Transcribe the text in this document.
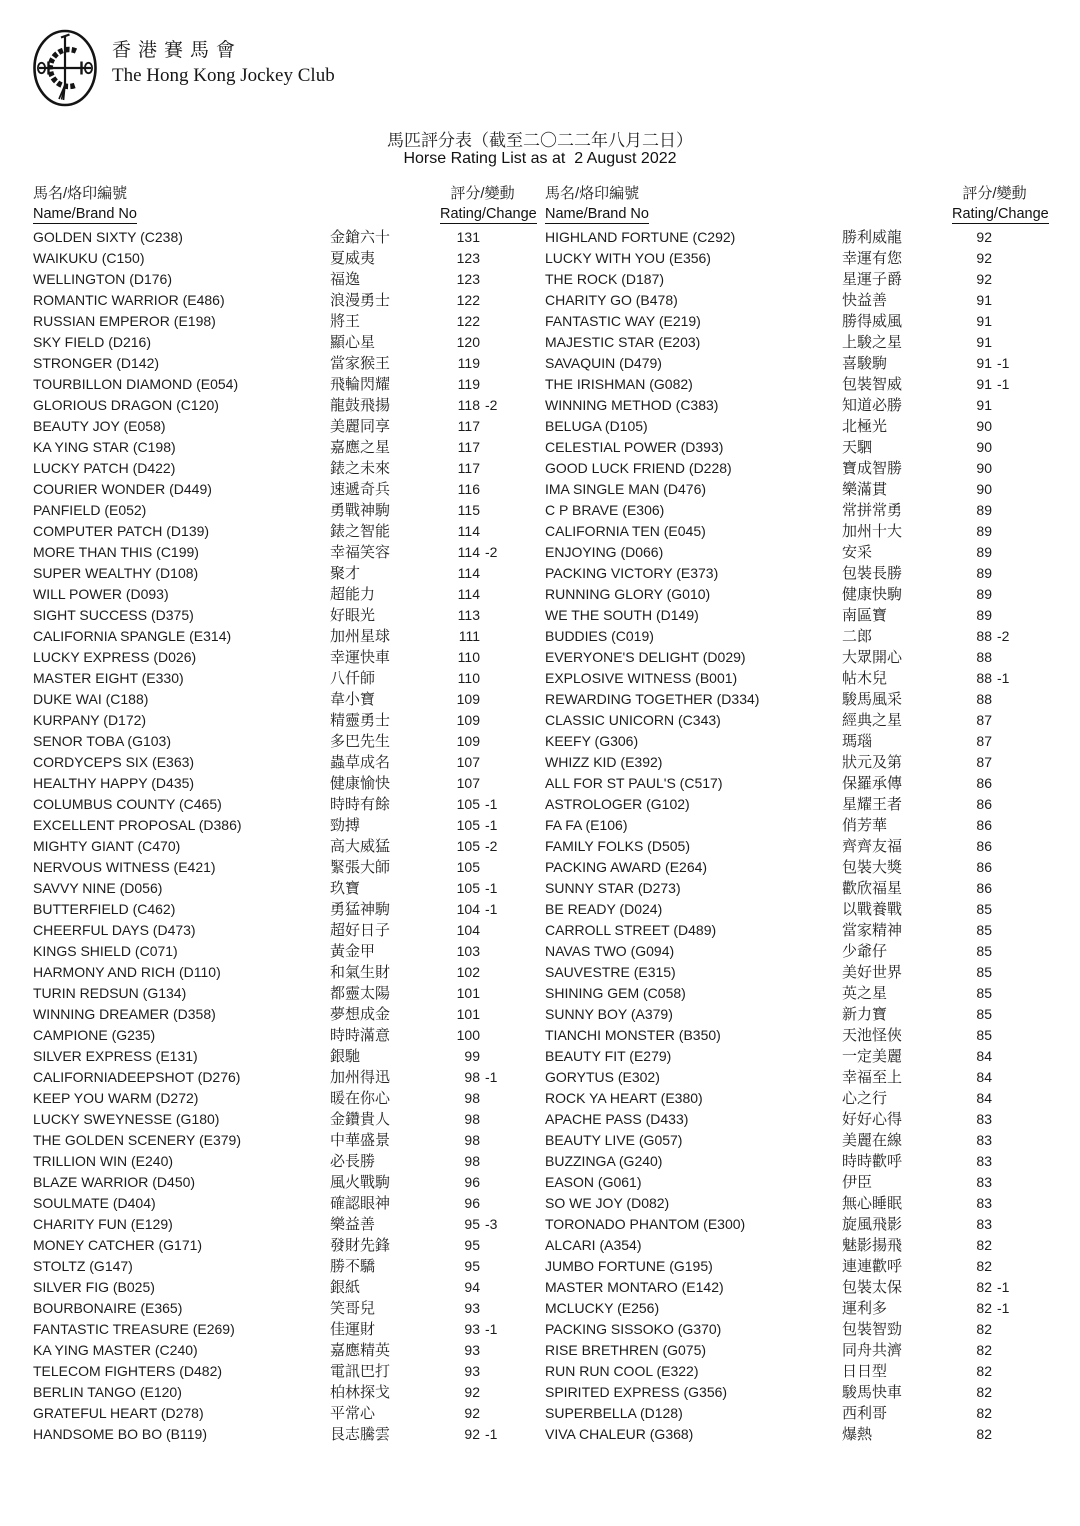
香港賽馬會
The Hong Kong Jockey Club
馬匹評分表（截至二〇二二年八月二日）
Horse Rating List as at  2 August 2022
馬名/烙印編號
Name/Brand No
評分/變動
Rating/Change
馬名/烙印編號
Name/Brand No
評分/變動
Rating/Change
GOLDEN SIXTY (C238)	金鎗六十	131
WAIKUKU (C150)	夏威夷	123
WELLINGTON (D176)	福逸	123
ROMANTIC WARRIOR (E486)	浪漫勇士	122
RUSSIAN EMPEROR (E198)	將王	122
SKY FIELD (D216)	顯心星	120
STRONGER (D142)	當家猴王	119
TOURBILLON DIAMOND (E054)	飛輪閃耀	119
GLORIOUS DRAGON (C120)	龍鼓飛揚	118 -2
BEAUTY JOY (E058)	美麗同享	117
KA YING STAR (C198)	嘉應之星	117
LUCKY PATCH (D422)	錶之未來	117
COURIER WONDER (D449)	速遞奇兵	116
PANFIELD (E052)	勇戰神駒	115
COMPUTER PATCH (D139)	錶之智能	114
MORE THAN THIS (C199)	幸福笑容	114 -2
SUPER WEALTHY (D108)	聚才	114
WILL POWER (D093)	超能力	114
SIGHT SUCCESS (D375)	好眼光	113
CALIFORNIA SPANGLE (E314)	加州星球	111
LUCKY EXPRESS (D026)	幸運快車	110
MASTER EIGHT (E330)	八仟師	110
DUKE WAI (C188)	韋小寶	109
KURPANY (D172)	精靈勇士	109
SENOR TOBA (G103)	多巴先生	109
CORDYCEPS SIX (E363)	蟲草成名	107
HEALTHY HAPPY (D435)	健康愉快	107
COLUMBUS COUNTY (C465)	時時有餘	105 -1
EXCELLENT PROPOSAL (D386)	勁搏	105 -1
MIGHTY GIANT (C470)	高大威猛	105 -2
NERVOUS WITNESS (E421)	緊張大師	105
SAVVY NINE (D056)	玖寶	105 -1
BUTTERFIELD (C462)	勇猛神駒	104 -1
CHEERFUL DAYS (D473)	超好日子	104
KINGS SHIELD (C071)	黃金甲	103
HARMONY AND RICH (D110)	和氣生財	102
TURIN REDSUN (G134)	都靈太陽	101
WINNING DREAMER (D358)	夢想成金	101
CAMPIONE (G235)	時時滿意	100
SILVER EXPRESS (E131)	銀馳	99
CALIFORNIADEEPSHOT (D276)	加州得迅	98 -1
KEEP YOU WARM (D272)	暖在你心	98
LUCKY SWEYNESSE (G180)	金鑽貴人	98
THE GOLDEN SCENERY (E379)	中華盛景	98
TRILLION WIN (E240)	必長勝	98
BLAZE WARRIOR (D450)	風火戰駒	96
SOULMATE (D404)	確認眼神	96
CHARITY FUN (E129)	樂益善	95 -3
MONEY CATCHER (G171)	發財先鋒	95
STOLTZ (G147)	勝不驕	95
SILVER FIG (B025)	銀紙	94
BOURBONAIRE (E365)	笑哥兒	93
FANTASTIC TREASURE (E269)	佳運財	93 -1
KA YING MASTER (C240)	嘉應精英	93
TELECOM FIGHTERS (D482)	電訊巴打	93
BERLIN TANGO (E120)	柏林探戈	92
GRATEFUL HEART (D278)	平常心	92
HANDSOME BO BO (B119)	艮志騰雲	92 -1
HIGHLAND FORTUNE (C292)	勝利威龍	92
LUCKY WITH YOU (E356)	幸運有您	92
THE ROCK (D187)	星運子爵	92
CHARITY GO (B478)	快益善	91
FANTASTIC WAY (E219)	勝得威風	91
MAJESTIC STAR (E203)	上駿之星	91
SAVAQUIN (D479)	喜駿駒	91 -1
THE IRISHMAN (G082)	包裝智威	91 -1
WINNING METHOD (C383)	知道必勝	91
BELUGA (D105)	北極光	90
CELESTIAL POWER (D393)	天駟	90
GOOD LUCK FRIEND (D228)	寶成智勝	90
IMA SINGLE MAN (D476)	樂滿貫	90
C P BRAVE (E306)	常拼常勇	89
CALIFORNIA TEN (E045)	加州十大	89
ENJOYING (D066)	安采	89
PACKING VICTORY (E373)	包裝長勝	89
RUNNING GLORY (G010)	健康快駒	89
WE THE SOUTH (D149)	南區寶	89
BUDDIES (C019)	二郎	88 -2
EVERYONE'S DELIGHT (D029)	大眾開心	88
EXPLOSIVE WITNESS (B001)	帖木兒	88 -1
REWARDING TOGETHER (D334)	駿馬風采	88
CLASSIC UNICORN (C343)	經典之星	87
KEEFY (G306)	瑪瑙	87
WHIZZ KID (E392)	狀元及第	87
ALL FOR ST PAUL'S (C517)	保羅承傳	86
ASTROLOGER (G102)	星耀王者	86
FA FA (E106)	俏芳華	86
FAMILY FOLKS (D505)	齊齊友福	86
PACKING AWARD (E264)	包裝大獎	86
SUNNY STAR (D273)	歡欣福星	86
BE READY (D024)	以戰養戰	85
CARROLL STREET (D489)	當家精神	85
NAVAS TWO (G094)	少爺仔	85
SAUVESTRE (E315)	美好世界	85
SHINING GEM (C058)	英之星	85
SUNNY BOY (A379)	新力寶	85
TIANCHI MONSTER (B350)	天池怪俠	85
BEAUTY FIT (E279)	一定美麗	84
GORYTUS (E302)	幸福至上	84
ROCK YA HEART (E380)	心之行	84
APACHE PASS (D433)	好好心得	83
BEAUTY LIVE (G057)	美麗在線	83
BUZZINGA (G240)	時時歡呼	83
EASON (G061)	伊臣	83
SO WE JOY (D082)	無心睡眠	83
TORONADO PHANTOM (E300)	旋風飛影	83
ALCARI (A354)	魅影揚飛	82
JUMBO FORTUNE (G195)	連連歡呼	82
MASTER MONTARO (E142)	包裝太保	82 -1
MCLUCKY (E256)	運利多	82 -1
PACKING SISSOKO (G370)	包裝智勁	82
RISE BRETHREN (G075)	同舟共濟	82
RUN RUN COOL (E322)	日日型	82
SPIRITED EXPRESS (G356)	駿馬快車	82
SUPERBELLA (D128)	西利哥	82
VIVA CHALEUR (G368)	爆熱	82
